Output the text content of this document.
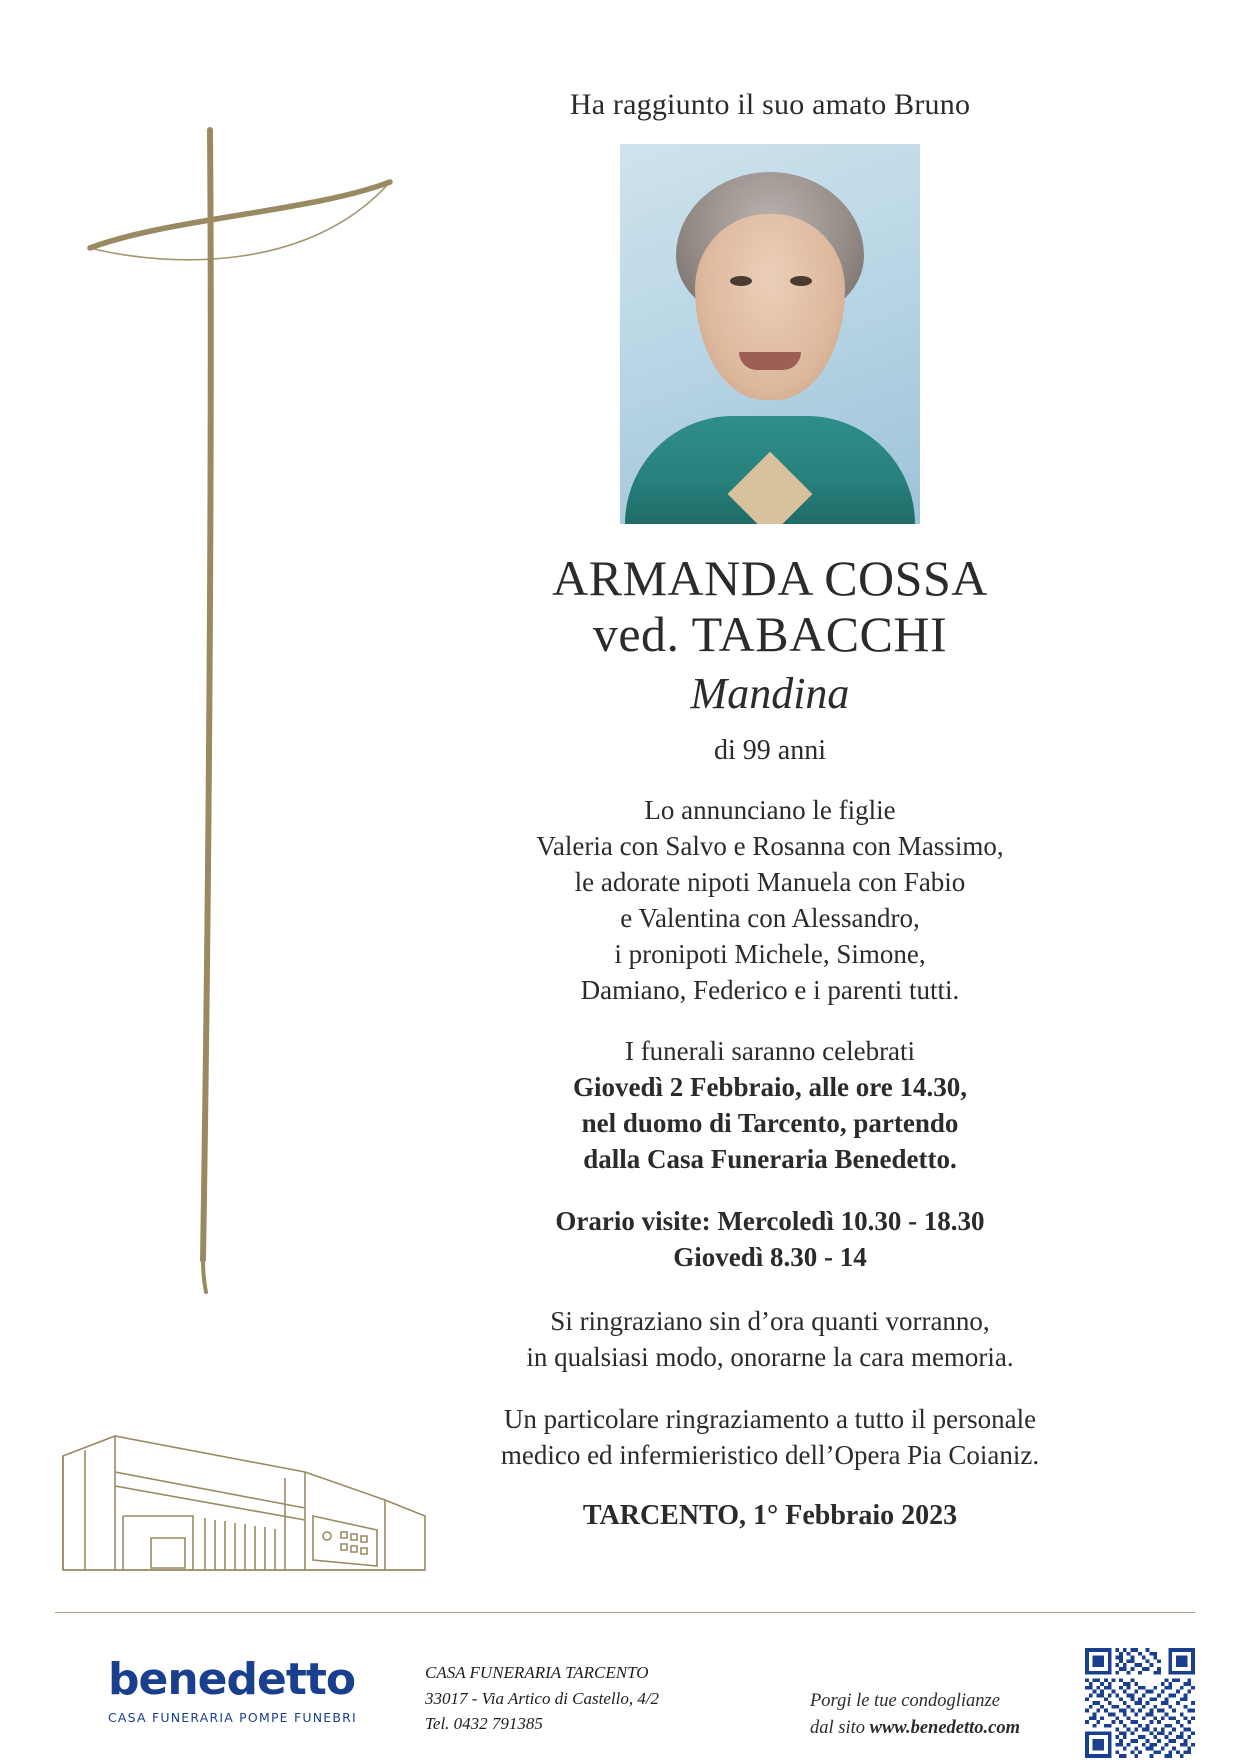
Ha raggiunto il suo amato Bruno
ARMANDA COSSA
ved. TABACCHI
Mandina
di 99 anni
Lo annunciano le figlie
Valeria con Salvo e Rosanna con Massimo,
le adorate nipoti Manuela con Fabio
e Valentina con Alessandro,
i pronipoti Michele, Simone,
Damiano, Federico e i parenti tutti.
I funerali saranno celebrati
Giovedì 2 Febbraio, alle ore 14.30,
nel duomo di Tarcento, partendo
dalla Casa Funeraria Benedetto.
Orario visite: Mercoledì 10.30 - 18.30
Giovedì 8.30 - 14
Si ringraziano sin d’ora quanti vorranno,
in qualsiasi modo, onorarne la cara memoria.
Un particolare ringraziamento a tutto il personale
medico ed infermieristico dell’Opera Pia Coianiz.
TARCENTO, 1° Febbraio 2023
benedetto
CASA FUNERARIA POMPE FUNEBRI
CASA FUNERARIA TARCENTO
33017 - Via Artico di Castello, 4/2
Tel. 0432 791385
Porgi le tue condoglianze
dal sito www.benedetto.com
